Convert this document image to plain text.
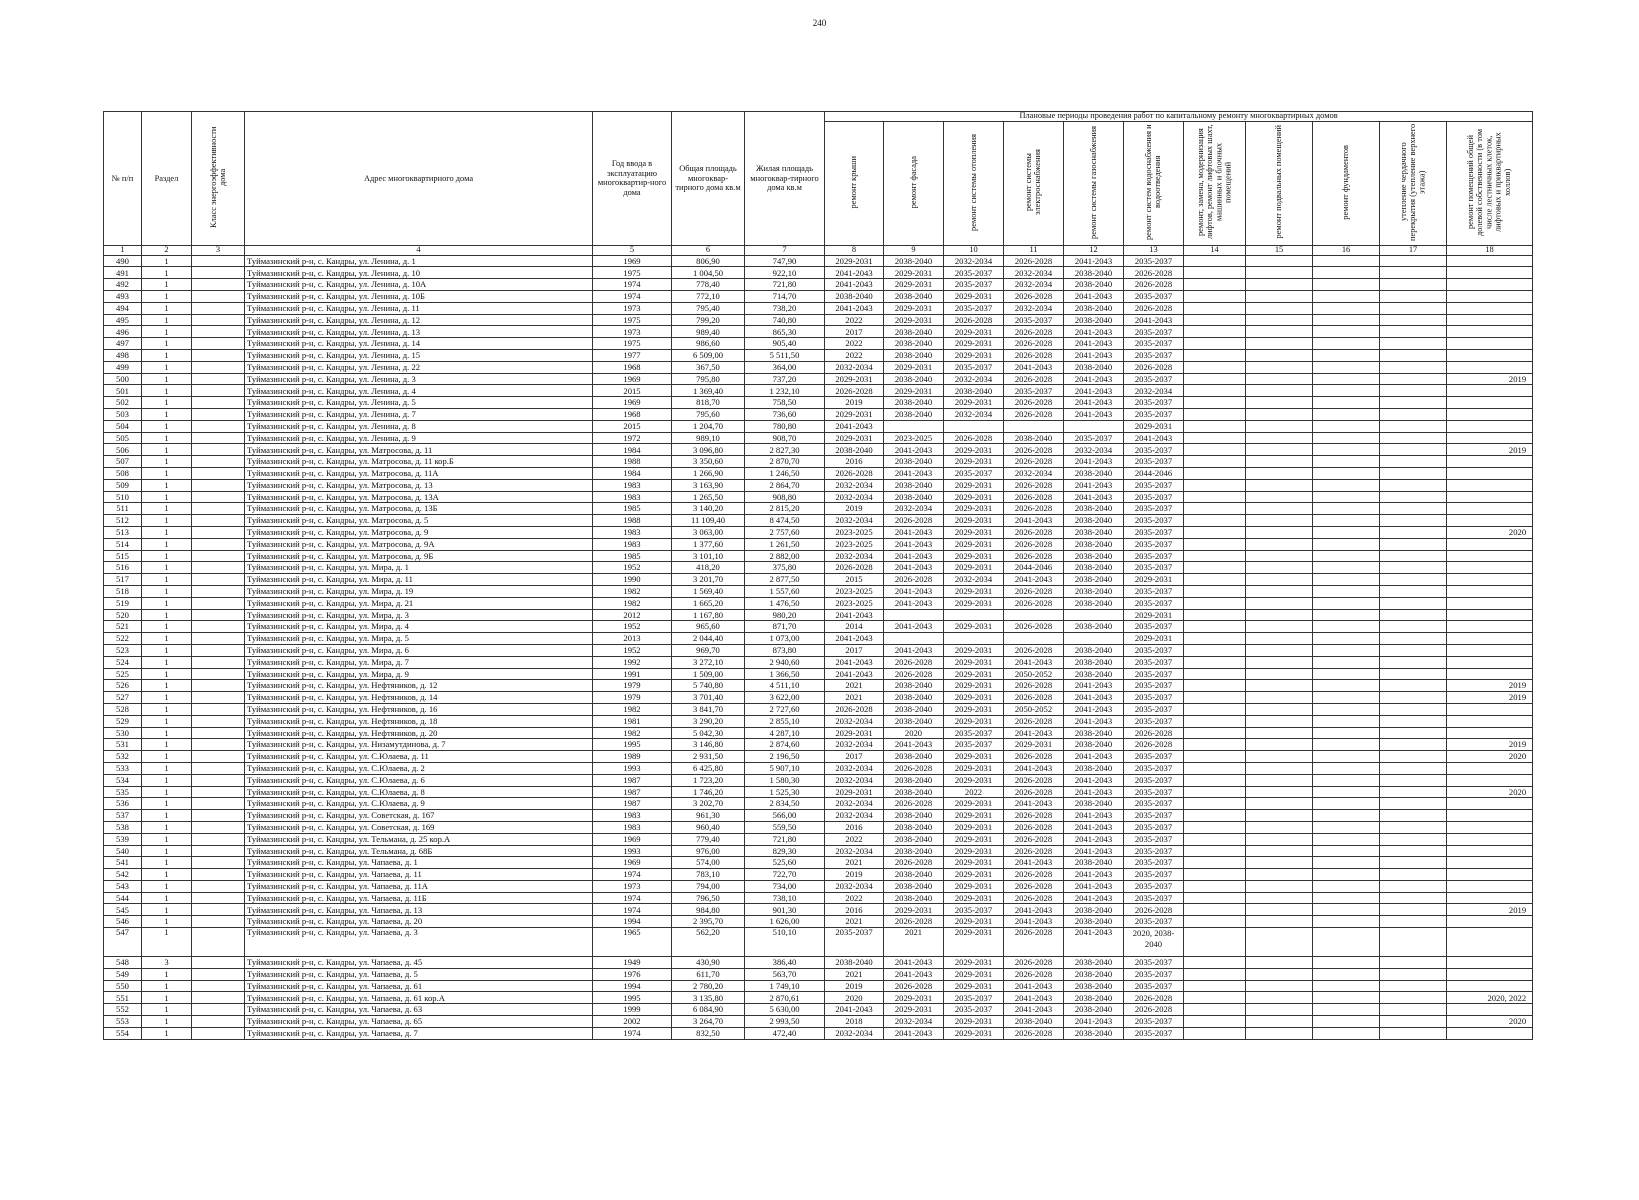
240
№ п/п	Раздел	Класс энергоэффективности дома	Адрес многоквартирного дома	Год ввода в эксплуатацию многоквартир-ного дома	Общая площадь многоквар-тирного дома кв.м	Жилая площадь многоквар-тирного дома кв.м	Плановые периоды проведения работ по капитальному ремонту многоквартирных домов										
							ремонт крыши	ремонт фасада	ремонт системы отопления	ремонт системы электроснабжения	ремонт системы газоснабжения	ремонт систем водоснабжения и водоотведения	ремонт, замена, модернизация лифтов, ремонт лифтовых шахт, машинных и блочных помещений	ремонт подвальных помещений	ремонт фундаментов	утепление чердачного перекрытия (утепление верхнего этажа)	ремонт помещений общей долевой собственности (в том числе лестничных клеток, лифтовых и приквартирных холлов)
1	2	3	4	5	6	7	8	9	10	11	12	13	14	15	16	17	18
490	1		Туймазинский р-н, с. Кандры, ул. Ленина, д. 1	1969	806,90	747,90	2029-2031	2038-2040	2032-2034	2026-2028	2041-2043	2035-2037					
491	1		Туймазинский р-н, с. Кандры, ул. Ленина, д. 10	1975	1 004,50	922,10	2041-2043	2029-2031	2035-2037	2032-2034	2038-2040	2026-2028					
492	1		Туймазинский р-н, с. Кандры, ул. Ленина, д. 10А	1974	778,40	721,80	2041-2043	2029-2031	2035-2037	2032-2034	2038-2040	2026-2028					
493	1		Туймазинский р-н, с. Кандры, ул. Ленина, д. 10Б	1974	772,10	714,70	2038-2040	2038-2040	2029-2031	2026-2028	2041-2043	2035-2037					
494	1		Туймазинский р-н, с. Кандры, ул. Ленина, д. 11	1973	795,40	738,20	2041-2043	2029-2031	2035-2037	2032-2034	2038-2040	2026-2028					
495	1		Туймазинский р-н, с. Кандры, ул. Ленина, д. 12	1975	799,20	740,80	2022	2029-2031	2026-2028	2035-2037	2038-2040	2041-2043					
496	1		Туймазинский р-н, с. Кандры, ул. Ленина, д. 13	1973	989,40	865,30	2017	2038-2040	2029-2031	2026-2028	2041-2043	2035-2037					
497	1		Туймазинский р-н, с. Кандры, ул. Ленина, д. 14	1975	986,60	905,40	2022	2038-2040	2029-2031	2026-2028	2041-2043	2035-2037					
498	1		Туймазинский р-н, с. Кандры, ул. Ленина, д. 15	1977	6 509,00	5 511,50	2022	2038-2040	2029-2031	2026-2028	2041-2043	2035-2037					
499	1		Туймазинский р-н, с. Кандры, ул. Ленина, д. 22	1968	367,50	364,00	2032-2034	2029-2031	2035-2037	2041-2043	2038-2040	2026-2028					
500	1		Туймазинский р-н, с. Кандры, ул. Ленина, д. 3	1969	795,80	737,20	2029-2031	2038-2040	2032-2034	2026-2028	2041-2043	2035-2037					2019
501	1		Туймазинский р-н, с. Кандры, ул. Ленина, д. 4	2015	1 369,40	1 232,10	2026-2028	2029-2031	2038-2040	2035-2037	2041-2043	2032-2034					
502	1		Туймазинский р-н, с. Кандры, ул. Ленина, д. 5	1969	818,70	758,50	2019	2038-2040	2029-2031	2026-2028	2041-2043	2035-2037					
503	1		Туймазинский р-н, с. Кандры, ул. Ленина, д. 7	1968	795,60	736,60	2029-2031	2038-2040	2032-2034	2026-2028	2041-2043	2035-2037					
504	1		Туймазинский р-н, с. Кандры, ул. Ленина, д. 8	2015	1 204,70	780,80	2041-2043					2029-2031					
505	1		Туймазинский р-н, с. Кандры, ул. Ленина, д. 9	1972	989,10	908,70	2029-2031	2023-2025	2026-2028	2038-2040	2035-2037	2041-2043					
506	1		Туймазинский р-н, с. Кандры, ул. Матросова, д. 11	1984	3 096,80	2 827,30	2038-2040	2041-2043	2029-2031	2026-2028	2032-2034	2035-2037					2019
507	1		Туймазинский р-н, с. Кандры, ул. Матросова, д. 11 кор.Б	1988	3 350,60	2 870,70	2016	2038-2040	2029-2031	2026-2028	2041-2043	2035-2037					
508	1		Туймазинский р-н, с. Кандры, ул. Матросова, д. 11А	1984	1 266,90	1 246,50	2026-2028	2041-2043	2035-2037	2032-2034	2038-2040	2044-2046					
509	1		Туймазинский р-н, с. Кандры, ул. Матросова, д. 13	1983	3 163,90	2 864,70	2032-2034	2038-2040	2029-2031	2026-2028	2041-2043	2035-2037					
510	1		Туймазинский р-н, с. Кандры, ул. Матросова, д. 13А	1983	1 265,50	908,80	2032-2034	2038-2040	2029-2031	2026-2028	2041-2043	2035-2037					
511	1		Туймазинский р-н, с. Кандры, ул. Матросова, д. 13Б	1985	3 140,20	2 815,20	2019	2032-2034	2029-2031	2026-2028	2038-2040	2035-2037					
512	1		Туймазинский р-н, с. Кандры, ул. Матросова, д. 5	1988	11 109,40	8 474,50	2032-2034	2026-2028	2029-2031	2041-2043	2038-2040	2035-2037					
513	1		Туймазинский р-н, с. Кандры, ул. Матросова, д. 9	1983	3 063,00	2 757,60	2023-2025	2041-2043	2029-2031	2026-2028	2038-2040	2035-2037					2020
514	1		Туймазинский р-н, с. Кандры, ул. Матросова, д. 9А	1983	1 377,60	1 261,50	2023-2025	2041-2043	2029-2031	2026-2028	2038-2040	2035-2037					
515	1		Туймазинский р-н, с. Кандры, ул. Матросова, д. 9Б	1985	3 101,10	2 882,00	2032-2034	2041-2043	2029-2031	2026-2028	2038-2040	2035-2037					
516	1		Туймазинский р-н, с. Кандры, ул. Мира, д. 1	1952	418,20	375,80	2026-2028	2041-2043	2029-2031	2044-2046	2038-2040	2035-2037					
517	1		Туймазинский р-н, с. Кандры, ул. Мира, д. 11	1990	3 201,70	2 877,50	2015	2026-2028	2032-2034	2041-2043	2038-2040	2029-2031					
518	1		Туймазинский р-н, с. Кандры, ул. Мира, д. 19	1982	1 569,40	1 557,60	2023-2025	2041-2043	2029-2031	2026-2028	2038-2040	2035-2037					
519	1		Туймазинский р-н, с. Кандры, ул. Мира, д. 21	1982	1 665,20	1 476,50	2023-2025	2041-2043	2029-2031	2026-2028	2038-2040	2035-2037					
520	1		Туймазинский р-н, с. Кандры, ул. Мира, д. 3	2012	1 167,80	980,20	2041-2043					2029-2031					
521	1		Туймазинский р-н, с. Кандры, ул. Мира, д. 4	1952	965,60	871,70	2014	2041-2043	2029-2031	2026-2028	2038-2040	2035-2037					
522	1		Туймазинский р-н, с. Кандры, ул. Мира, д. 5	2013	2 044,40	1 073,00	2041-2043					2029-2031					
523	1		Туймазинский р-н, с. Кандры, ул. Мира, д. 6	1952	969,70	873,80	2017	2041-2043	2029-2031	2026-2028	2038-2040	2035-2037					
524	1		Туймазинский р-н, с. Кандры, ул. Мира, д. 7	1992	3 272,10	2 940,60	2041-2043	2026-2028	2029-2031	2041-2043	2038-2040	2035-2037					
525	1		Туймазинский р-н, с. Кандры, ул. Мира, д. 9	1991	1 509,00	1 366,50	2041-2043	2026-2028	2029-2031	2050-2052	2038-2040	2035-2037					
526	1		Туймазинский р-н, с. Кандры, ул. Нефтяников, д. 12	1979	5 740,80	4 511,10	2021	2038-2040	2029-2031	2026-2028	2041-2043	2035-2037					2019
527	1		Туймазинский р-н, с. Кандры, ул. Нефтяников, д. 14	1979	3 701,40	3 622,00	2021	2038-2040	2029-2031	2026-2028	2041-2043	2035-2037					2019
528	1		Туймазинский р-н, с. Кандры, ул. Нефтяников, д. 16	1982	3 841,70	2 727,60	2026-2028	2038-2040	2029-2031	2050-2052	2041-2043	2035-2037					
529	1		Туймазинский р-н, с. Кандры, ул. Нефтяников, д. 18	1981	3 290,20	2 855,10	2032-2034	2038-2040	2029-2031	2026-2028	2041-2043	2035-2037					
530	1		Туймазинский р-н, с. Кандры, ул. Нефтяников, д. 20	1982	5 042,30	4 287,10	2029-2031	2020	2035-2037	2041-2043	2038-2040	2026-2028					
531	1		Туймазинский р-н, с. Кандры, ул. Низамутдинова, д. 7	1995	3 146,80	2 874,60	2032-2034	2041-2043	2035-2037	2029-2031	2038-2040	2026-2028					2019
532	1		Туймазинский р-н, с. Кандры, ул. С.Юлаева, д. 11	1989	2 931,50	2 196,50	2017	2038-2040	2029-2031	2026-2028	2041-2043	2035-2037					2020
533	1		Туймазинский р-н, с. Кандры, ул. С.Юлаева, д. 2	1993	6 425,80	5 907,10	2032-2034	2026-2028	2029-2031	2041-2043	2038-2040	2035-2037					
534	1		Туймазинский р-н, с. Кандры, ул. С.Юлаева, д. 6	1987	1 723,20	1 580,30	2032-2034	2038-2040	2029-2031	2026-2028	2041-2043	2035-2037					
535	1		Туймазинский р-н, с. Кандры, ул. С.Юлаева, д. 8	1987	1 746,20	1 525,30	2029-2031	2038-2040	2022	2026-2028	2041-2043	2035-2037					2020
536	1		Туймазинский р-н, с. Кандры, ул. С.Юлаева, д. 9	1987	3 202,70	2 834,50	2032-2034	2026-2028	2029-2031	2041-2043	2038-2040	2035-2037					
537	1		Туймазинский р-н, с. Кандры, ул. Советская, д. 167	1983	961,30	566,00	2032-2034	2038-2040	2029-2031	2026-2028	2041-2043	2035-2037					
538	1		Туймазинский р-н, с. Кандры, ул. Советская, д. 169	1983	960,40	559,50	2016	2038-2040	2029-2031	2026-2028	2041-2043	2035-2037					
539	1		Туймазинский р-н, с. Кандры, ул. Тельмана, д. 25 кор.А	1969	779,40	721,80	2022	2038-2040	2029-2031	2026-2028	2041-2043	2035-2037					
540	1		Туймазинский р-н, с. Кандры, ул. Тельмана, д. 68Б	1993	976,00	829,30	2032-2034	2038-2040	2029-2031	2026-2028	2041-2043	2035-2037					
541	1		Туймазинский р-н, с. Кандры, ул. Чапаева, д. 1	1969	574,00	525,60	2021	2026-2028	2029-2031	2041-2043	2038-2040	2035-2037					
542	1		Туймазинский р-н, с. Кандры, ул. Чапаева, д. 11	1974	783,10	722,70	2019	2038-2040	2029-2031	2026-2028	2041-2043	2035-2037					
543	1		Туймазинский р-н, с. Кандры, ул. Чапаева, д. 11А	1973	794,00	734,00	2032-2034	2038-2040	2029-2031	2026-2028	2041-2043	2035-2037					
544	1		Туймазинский р-н, с. Кандры, ул. Чапаева, д. 11Б	1974	796,50	738,10	2022	2038-2040	2029-2031	2026-2028	2041-2043	2035-2037					
545	1		Туймазинский р-н, с. Кандры, ул. Чапаева, д. 13	1974	984,80	901,30	2016	2029-2031	2035-2037	2041-2043	2038-2040	2026-2028					2019
546	1		Туймазинский р-н, с. Кандры, ул. Чапаева, д. 20	1994	2 395,70	1 626,00	2021	2026-2028	2029-2031	2041-2043	2038-2040	2035-2037					
547	1		Туймазинский р-н, с. Кандры, ул. Чапаева, д. 3	1965	562,20	510,10	2035-2037	2021	2029-2031	2026-2028	2041-2043	2020, 2038-2040					
548	3		Туймазинский р-н, с. Кандры, ул. Чапаева, д. 45	1949	430,90	386,40	2038-2040	2041-2043	2029-2031	2026-2028	2038-2040	2035-2037					
549	1		Туймазинский р-н, с. Кандры, ул. Чапаева, д. 5	1976	611,70	563,70	2021	2041-2043	2029-2031	2026-2028	2038-2040	2035-2037					
550	1		Туймазинский р-н, с. Кандры, ул. Чапаева, д. 61	1994	2 780,20	1 749,10	2019	2026-2028	2029-2031	2041-2043	2038-2040	2035-2037					
551	1		Туймазинский р-н, с. Кандры, ул. Чапаева, д. 61 кор.А	1995	3 135,80	2 870,61	2020	2029-2031	2035-2037	2041-2043	2038-2040	2026-2028					2020, 2022
552	1		Туймазинский р-н, с. Кандры, ул. Чапаева, д. 63	1999	6 084,90	5 630,00	2041-2043	2029-2031	2035-2037	2041-2043	2038-2040	2026-2028					
553	1		Туймазинский р-н, с. Кандры, ул. Чапаева, д. 65	2002	3 264,70	2 993,50	2018	2032-2034	2029-2031	2038-2040	2041-2043	2035-2037					2020
554	1		Туймазинский р-н, с. Кандры, ул. Чапаева, д. 7	1974	832,50	472,40	2032-2034	2041-2043	2029-2031	2026-2028	2038-2040	2035-2037					
